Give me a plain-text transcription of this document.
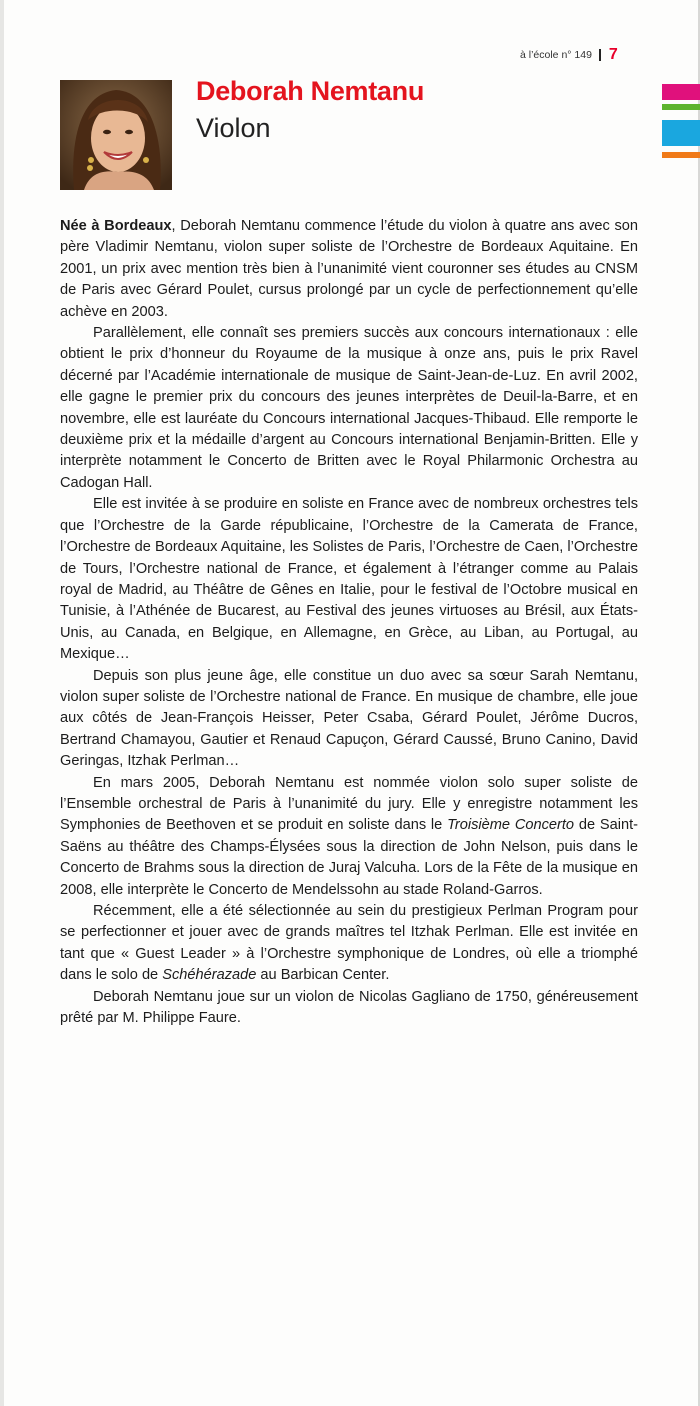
à l’école n° 149 7
Deborah Nemtanu
Violon

Née à Bordeaux, Deborah Nemtanu commence l’étude du violon à quatre ans avec son père Vladimir Nemtanu, violon super soliste de l’Orchestre de Bordeaux Aquitaine. En 2001, un prix avec mention très bien à l’unanimité vient couronner ses études au CNSM de Paris avec Gérard Poulet, cursus prolongé par un cycle de perfectionnement qu’elle achève en 2003.

Parallèlement, elle connaît ses premiers succès aux concours internationaux : elle obtient le prix d’honneur du Royaume de la musique à onze ans, puis le prix Ravel décerné par l’Académie internationale de musique de Saint-Jean-de-Luz. En avril 2002, elle gagne le premier prix du concours des jeunes interprètes de Deuil-la-Barre, et en novembre, elle est lauréate du Concours international Jacques-Thibaud. Elle remporte le deuxième prix et la médaille d’argent au Concours international Benjamin-Britten. Elle y interprète notamment le Concerto de Britten avec le Royal Philarmonic Orchestra au Cadogan Hall.

Elle est invitée à se produire en soliste en France avec de nombreux orchestres tels que l’Orchestre de la Garde républicaine, l’Orchestre de la Camerata de France, l’Orchestre de Bordeaux Aquitaine, les Solistes de Paris, l’Orchestre de Caen, l’Orchestre de Tours, l’Orchestre national de France, et également à l’étranger comme au Palais royal de Madrid, au Théâtre de Gênes en Italie, pour le festival de l’Octobre musical en Tunisie, à l’Athénée de Bucarest, au Festival des jeunes virtuoses au Brésil, aux États-Unis, au Canada, en Belgique, en Allemagne, en Grèce, au Liban, au Portugal, au Mexique…

Depuis son plus jeune âge, elle constitue un duo avec sa sœur Sarah Nemtanu, violon super soliste de l’Orchestre national de France. En musique de chambre, elle joue aux côtés de Jean-François Heisser, Peter Csaba, Gérard Poulet, Jérôme Ducros, Bertrand Chamayou, Gautier et Renaud Capuçon, Gérard Caussé, Bruno Canino, David Geringas, Itzhak Perlman…

En mars 2005, Deborah Nemtanu est nommée violon solo super soliste de l’Ensemble orchestral de Paris à l’unanimité du jury. Elle y enregistre notamment les Symphonies de Beethoven et se produit en soliste dans le Troisième Concerto de Saint-Saëns au théâtre des Champs-Élysées sous la direction de John Nelson, puis dans le Concerto de Brahms sous la direction de Juraj Valcuha. Lors de la Fête de la musique en 2008, elle interprète le Concerto de Mendelssohn au stade Roland-Garros.

Récemment, elle a été sélectionnée au sein du prestigieux Perlman Program pour se perfectionner et jouer avec de grands maîtres tel Itzhak Perlman. Elle est invitée en tant que « Guest Leader » à l’Orchestre symphonique de Londres, où elle a triomphé dans le solo de Schéhérazade au Barbican Center.

Deborah Nemtanu joue sur un violon de Nicolas Gagliano de 1750, généreusement prêté par M. Philippe Faure.
